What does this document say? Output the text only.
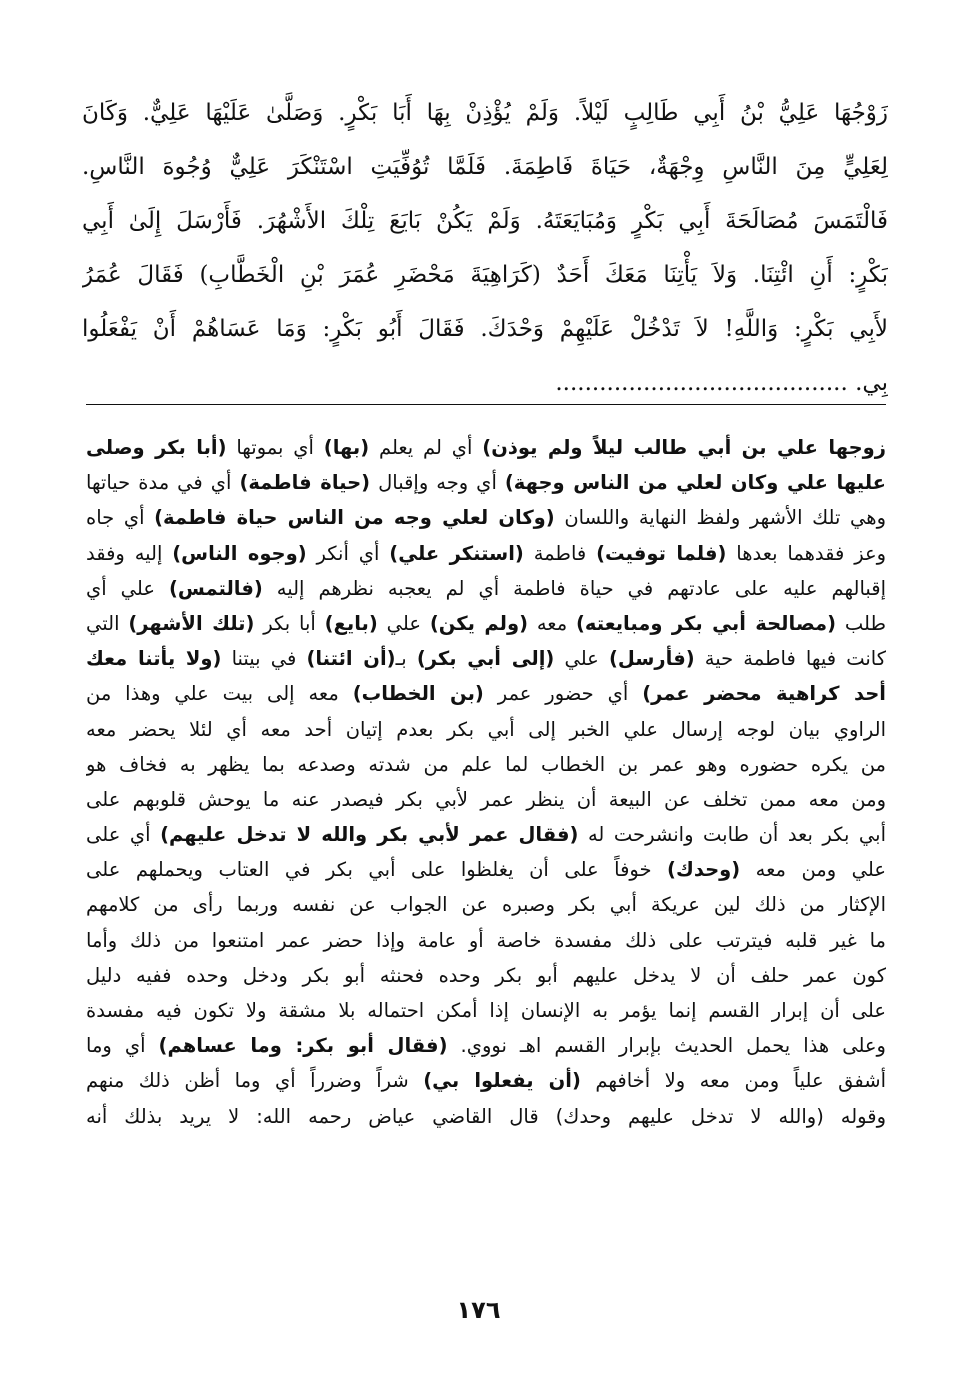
زَوْجُهَا عَلِيُّ بْنُ أَبِي طَالِبٍ لَيْلاً. وَلَمْ يُؤْذِنْ بِهَا أَبَا بَكْرٍ. وَصَلَّىٰ عَلَيْهَا عَلِيٌّ. وَكَانَ
لِعَلِيٍّ مِنَ النَّاسِ وِجْهَةٌ، حَيَاةَ فَاطِمَةَ. فَلَمَّا تُوُفِّيَتِ اسْتَنْكَرَ عَلِيٌّ وُجُوهَ النَّاسِ.
فَالْتَمَسَ مُصَالَحَةَ أَبِي بَكْرٍ وَمُبَايَعَتَهُ. وَلَمْ يَكُنْ بَايَعَ تِلْكَ الأَشْهُرَ. فَأَرْسَلَ إِلَىٰ أَبِي
بَكْرٍ: أَنِ ائْتِنَا. وَلاَ يَأْتِنَا مَعَكَ أَحَدٌ (كَرَاهِيَةَ مَحْضَرِ عُمَرَ بْنِ الْخَطَّابِ) فَقَالَ عُمَرُ
لأَبِي بَكْرٍ: وَاللَّهِ! لاَ تَدْخُلْ عَلَيْهِمْ وَحْدَكَ. فَقَالَ أَبُو بَكْرٍ: وَمَا عَسَاهُمْ أَنْ يَفْعَلُوا
بِي. ........................................
زوجها علي بن أبي طالب ليلاً ولم يوذن) أي لم يعلم (بها) أي بموتها (أبا بكر وصلى
عليها علي وكان لعلي من الناس وجهة) أي وجه وإقبال (حياة فاطمة) أي في مدة حياتها
وهي تلك الأشهر ولفظ النهاية واللسان (وكان لعلي وجه من الناس حياة فاطمة) أي جاه
وعز فقدهما بعدها (فلما توفيت) فاطمة (استنكر علي) أي أنكر (وجوه الناس) إليه وفقد
إقبالهم عليه على عادتهم في حياة فاطمة أي لم يعجبه نظرهم إليه (فالتمس) علي أي
طلب (مصالحة أبي بكر ومبايعته) معه (ولم يكن) علي (بايع) أبا بكر (تلك الأشهر) التي
كانت فيها فاطمة حية (فأرسل) علي (إلى أبي بكر) بـ(أن ائتنا) في بيتنا (ولا يأتنا معك
أحد كراهية محضر عمر) أي حضور عمر (بن الخطاب) معه إلى بيت علي وهذا من
الراوي بيان لوجه إرسال علي الخبر إلى أبي بكر بعدم إتيان أحد معه أي لئلا يحضر معه
من يكره حضوره وهو عمر بن الخطاب لما علم من شدته وصدعه بما يظهر به فخاف هو
ومن معه ممن تخلف عن البيعة أن ينظر عمر لأبي بكر فيصدر عنه ما يوحش قلوبهم على
أبي بكر بعد أن طابت وانشرحت له (فقال عمر لأبي بكر والله لا تدخل عليهم) أي على
علي ومن معه (وحدك) خوفاً على أن يغلظوا على أبي بكر في العتاب ويحملهم على
الإكثار من ذلك لين عريكة أبي بكر وصبره عن الجواب عن نفسه وربما رأى من كلامهم
ما غير قلبه فيترتب على ذلك مفسدة خاصة أو عامة وإذا حضر عمر امتنعوا من ذلك وأما
كون عمر حلف أن لا يدخل عليهم أبو بكر وحده فحنثه أبو بكر ودخل وحده ففيه دليل
على أن إبرار القسم إنما يؤمر به الإنسان إذا أمكن احتماله بلا مشقة ولا تكون فيه مفسدة
وعلى هذا يحمل الحديث بإبرار القسم اهـ نووي. (فقال أبو بكر: وما عساهم) أي وما
أشفق علياً ومن معه ولا أخافهم (أن يفعلوا بي) شراً وضرراً أي وما أظن ذلك منهم
وقوله (والله لا تدخل عليهم وحدك) قال القاضي عياض رحمه الله: لا يريد بذلك أنه
١٧٦
